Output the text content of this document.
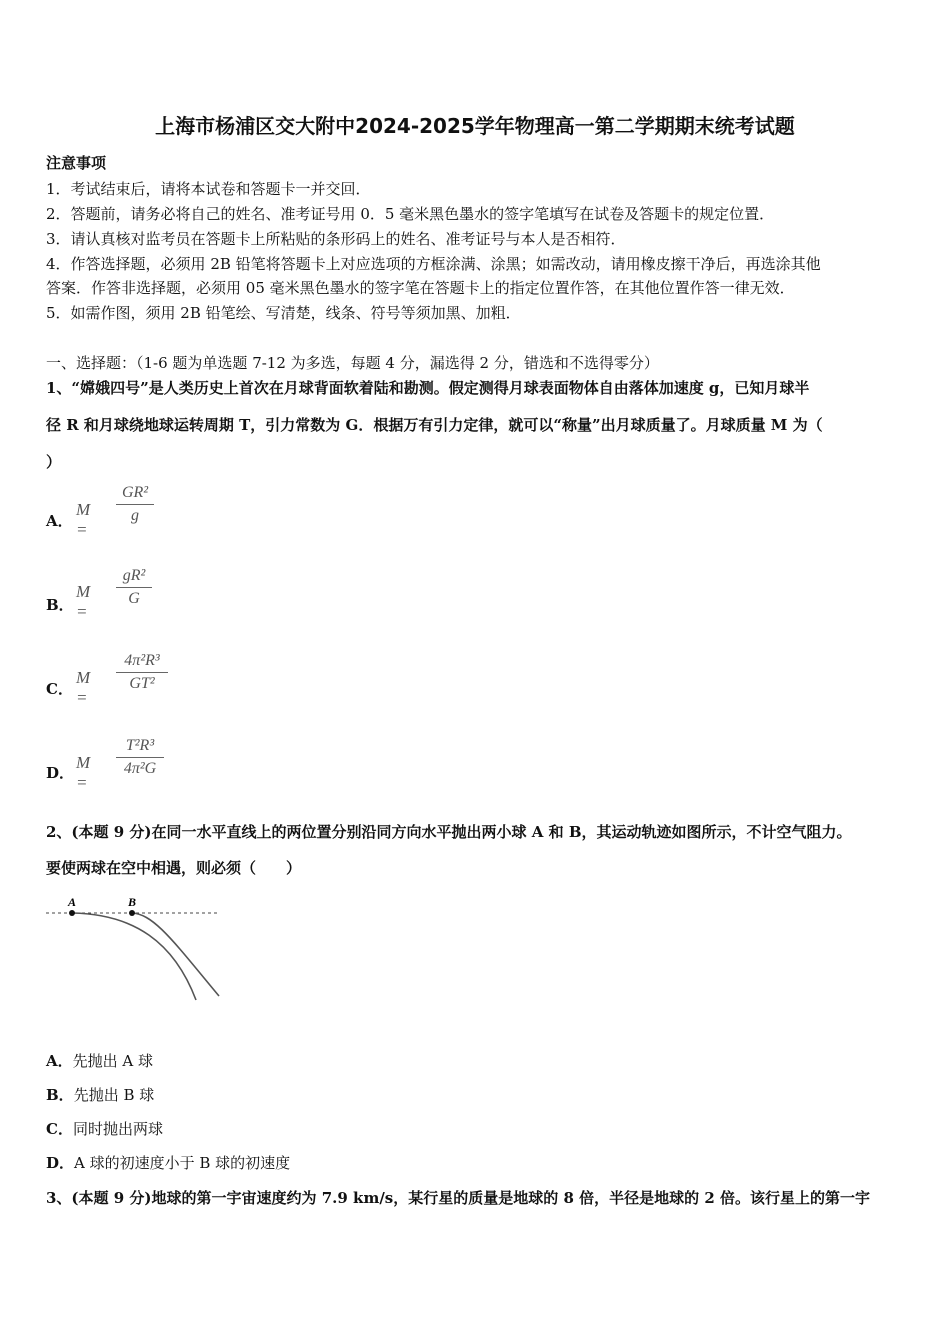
上海市杨浦区交大附中2024-2025学年物理高一第二学期期末统考试题
注意事项
1．考试结束后，请将本试卷和答题卡一并交回．
2．答题前，请务必将自己的姓名、准考证号用 0．5 毫米黑色墨水的签字笔填写在试卷及答题卡的规定位置．
3．请认真核对监考员在答题卡上所粘贴的条形码上的姓名、准考证号与本人是否相符．
4．作答选择题，必须用 2B 铅笔将答题卡上对应选项的方框涂满、涂黑；如需改动，请用橡皮擦干净后，再选涂其他
答案．作答非选择题，必须用 05 毫米黑色墨水的签字笔在答题卡上的指定位置作答，在其他位置作答一律无效．
5．如需作图，须用 2B 铅笔绘、写清楚，线条、符号等须加黑、加粗．
一、选择题：（1-6 题为单选题 7-12 为多选，每题 4 分，漏选得 2 分，错选和不选得零分）
1、“嫦娥四号”是人类历史上首次在月球背面软着陆和勘测。假定测得月球表面物体自由落体加速度 g，已知月球半
径 R 和月球绕地球运转周期 T，引力常数为 G．根据万有引力定律，就可以“称量”出月球质量了。月球质量 M 为（
）
A．
M =
GR²
g
B．
M =
gR²
G
C．
M =
4π²R³
GT²
D．
M =
T²R³
4π²G
2、(本题 9 分)在同一水平直线上的两位置分别沿同方向水平抛出两小球 A 和 B，其运动轨迹如图所示，不计空气阻力。
要使两球在空中相遇，则必须（　　）
A	B
A．先抛出 A 球
B．先抛出 B 球
C．同时抛出两球
D．A 球的初速度小于 B 球的初速度
3、(本题 9 分)地球的第一宇宙速度约为 7.9 km/s，某行星的质量是地球的 8 倍，半径是地球的 2 倍。该行星上的第一宇
